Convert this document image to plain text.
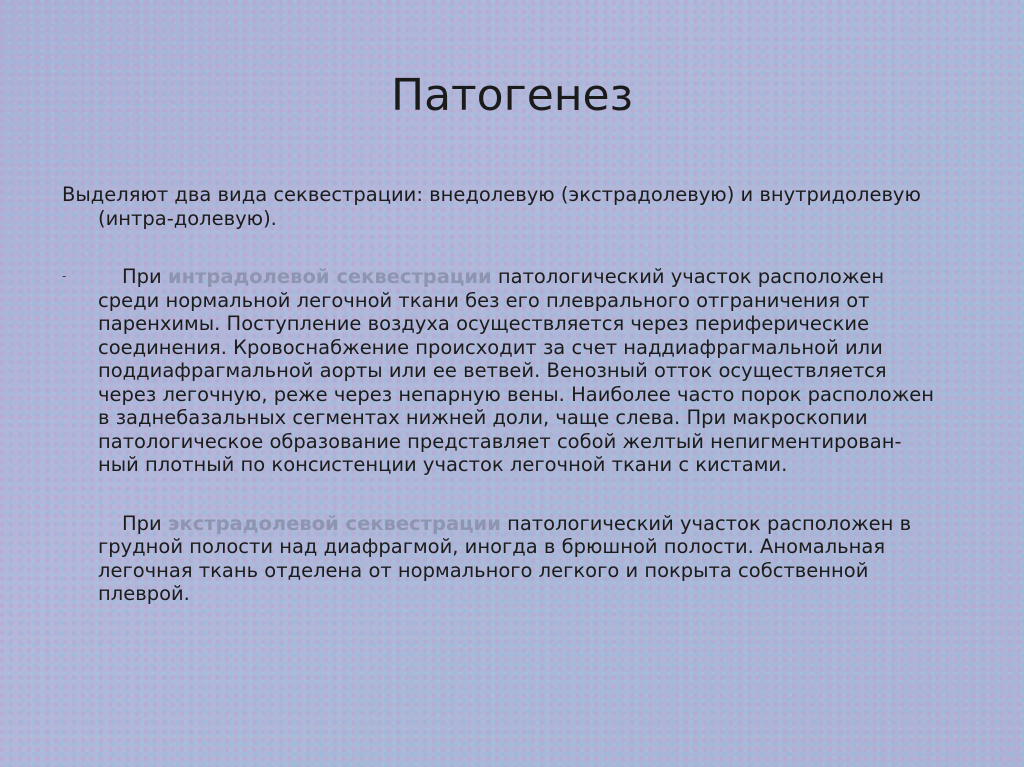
Патогенез

Выделяют два вида секвестрации: внедолевую (экстрадолевую) и внутридолевую (интра-долевую).

-	При интрадолевой секвестрации патологический участок расположен среди нормальной легочной ткани без его плеврального отграничения от паренхимы. Поступление воздуха осуществляется через периферические соединения. Кровоснабжение происходит за счет наддиафрагмальной или поддиафрагмальной аорты или ее ветвей. Венозный отток осуществляется через легочную, реже через непарную вены. Наиболее часто порок расположен в заднебазальных сегментах нижней доли, чаще слева. При макроскопии патологическое образование представляет собой желтый непигментирован-ный плотный по консистенции участок легочной ткани с кистами.

При экстрадолевой секвестрации патологический участок расположен в грудной полости над диафрагмой, иногда в брюшной полости. Аномальная легочная ткань отделена от нормального легкого и покрыта собственной плеврой.
